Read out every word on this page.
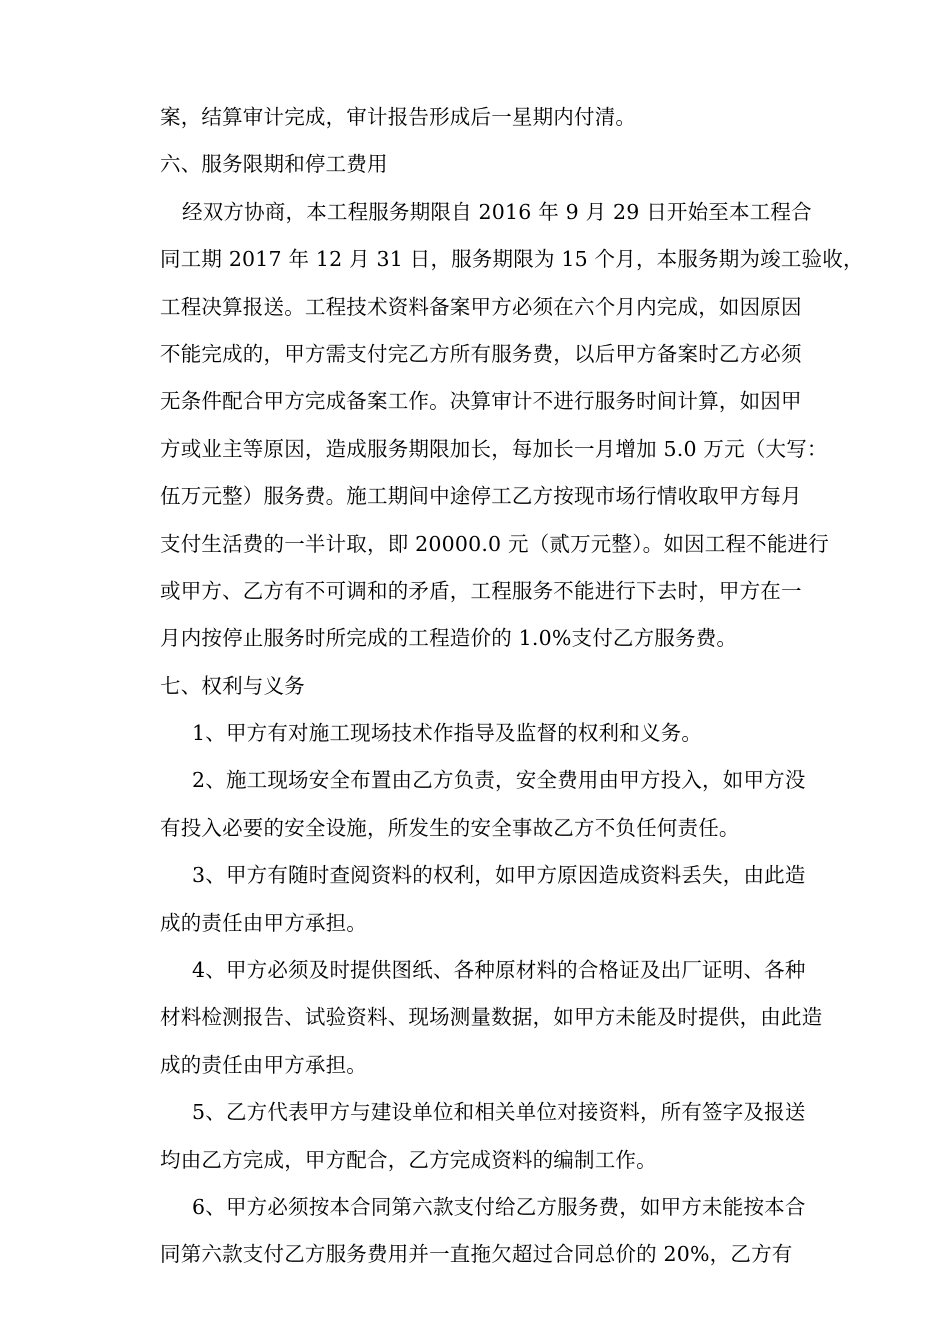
案，结算审计完成，审计报告形成后一星期内付清。
六、服务限期和停工费用
经双方协商，本工程服务期限自 2016 年 9 月 29 日开始至本工程合
同工期 2017 年 12 月 31 日，服务期限为 15 个月，本服务期为竣工验收，
工程决算报送。工程技术资料备案甲方必须在六个月内完成，如因原因
不能完成的，甲方需支付完乙方所有服务费，以后甲方备案时乙方必须
无条件配合甲方完成备案工作。决算审计不进行服务时间计算，如因甲
方或业主等原因，造成服务期限加长，每加长一月增加 5.0 万元（大写：
伍万元整）服务费。施工期间中途停工乙方按现市场行情收取甲方每月
支付生活费的一半计取，即 20000.0 元（贰万元整）。如因工程不能进行
或甲方、乙方有不可调和的矛盾，工程服务不能进行下去时，甲方在一
月内按停止服务时所完成的工程造价的 1.0%支付乙方服务费。
七、权利与义务
1、甲方有对施工现场技术作指导及监督的权利和义务。
2、施工现场安全布置由乙方负责，安全费用由甲方投入，如甲方没
有投入必要的安全设施，所发生的安全事故乙方不负任何责任。
3、甲方有随时查阅资料的权利，如甲方原因造成资料丢失，由此造
成的责任由甲方承担。
4、甲方必须及时提供图纸、各种原材料的合格证及出厂证明、各种
材料检测报告、试验资料、现场测量数据，如甲方未能及时提供，由此造
成的责任由甲方承担。
5、乙方代表甲方与建设单位和相关单位对接资料，所有签字及报送
均由乙方完成，甲方配合，乙方完成资料的编制工作。
6、甲方必须按本合同第六款支付给乙方服务费，如甲方未能按本合
同第六款支付乙方服务费用并一直拖欠超过合同总价的 20%，乙方有
